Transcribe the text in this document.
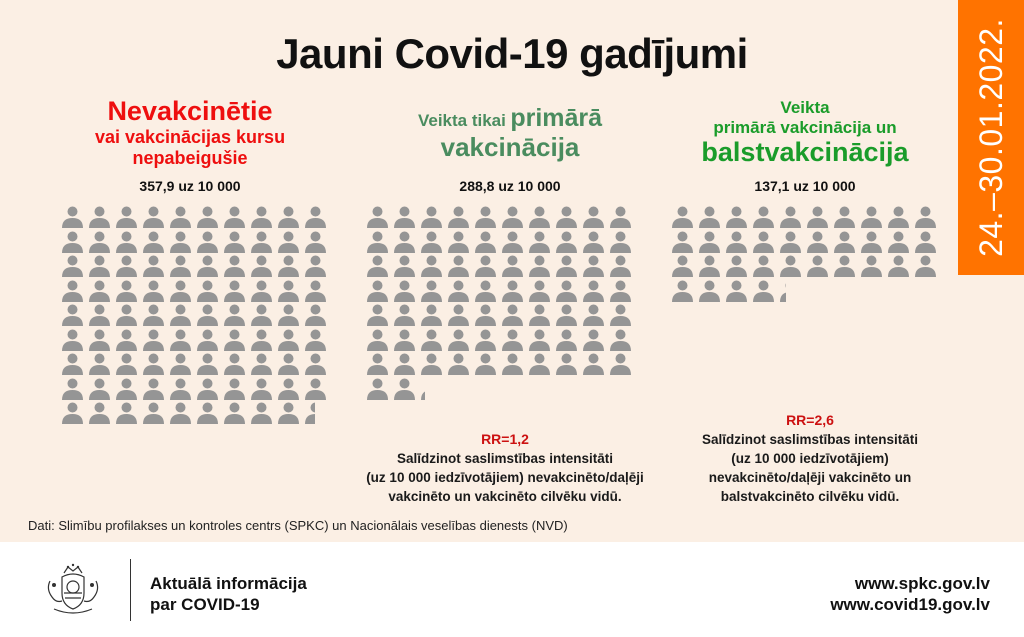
24.–30.01.2022.
Jauni Covid-19 gadījumi
Nevakcinētie
vai vakcinācijas kursu
nepabeigušie
357,9 uz 10 000
Veikta tikai primārā
vakcinācija
288,8 uz 10 000
Veikta
primārā vakcinācija un
balstvakcinācija
137,1 uz 10 000
RR=1,2
Salīdzinot saslimstības intensitāti
(uz 10 000 iedzīvotājiem) nevakcinēto/daļēji
vakcinēto un vakcinēto cilvēku vidū.
RR=2,6
Salīdzinot saslimstības intensitāti
(uz 10 000 iedzīvotājiem)
nevakcinēto/daļēji vakcinēto un
balstvakcinēto cilvēku vidū.
Dati: Slimību profilakses un kontroles centrs (SPKC) un Nacionālais veselības dienests (NVD)
Aktuālā informācija
par COVID-19
www.spkc.gov.lv
www.covid19.gov.lv
